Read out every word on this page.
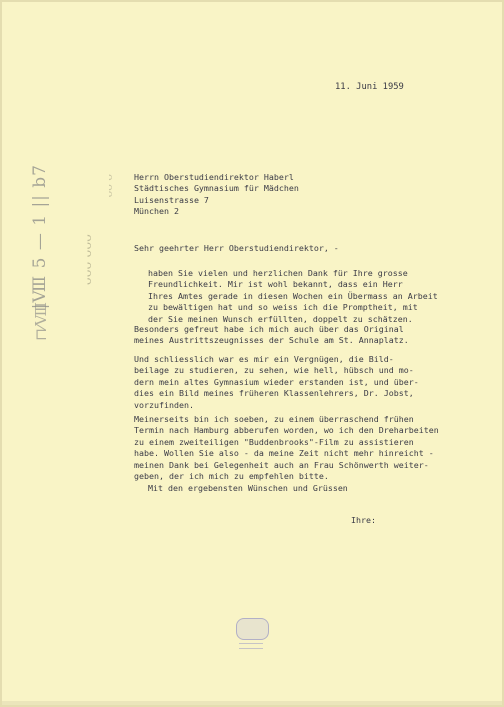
|⁠Ⅷ 5 — 1 || b7
⊓⁄Ⅷ
ᴗᴗᴗ ᴗᴗᴗ
ᴗᴗ ᴗ

11. Juni 1959

Herrn Oberstudiendirektor Haberl
Städtisches Gymnasium für Mädchen
Luisenstrasse 7
München 2

Sehr geehrter Herr Oberstudiendirektor, -

haben Sie vielen und herzlichen Dank für Ihre grosse
Freundlichkeit. Mir ist wohl bekannt, dass ein Herr
Ihres Amtes gerade in diesen Wochen ein Übermass an Arbeit
zu bewältigen hat und so weiss ich die Promptheit, mit
der Sie meinen Wunsch erfüllten, doppelt zu schätzen.

Besonders gefreut habe ich mich auch über das Original
meines Austrittszeugnisses der Schule am St. Annaplatz.

Und schliesslich war es mir ein Vergnügen, die Bild-
beilage zu studieren, zu sehen, wie hell, hübsch und mo-
dern mein altes Gymnasium wieder erstanden ist, und über-
dies ein Bild meines früheren Klassenlehrers, Dr. Jobst,
vorzufinden.

Meinerseits bin ich soeben, zu einem überraschend frühen
Termin nach Hamburg abberufen worden, wo ich den Dreharbeiten
zu einem zweiteiligen "Buddenbrooks"-Film zu assistieren
habe. Wollen Sie also - da meine Zeit nicht mehr hinreicht -
meinen Dank bei Gelegenheit auch an Frau Schönwerth weiter-
geben, der ich mich zu empfehlen bitte.

Mit den ergebensten Wünschen und Grüssen

Ihre:
